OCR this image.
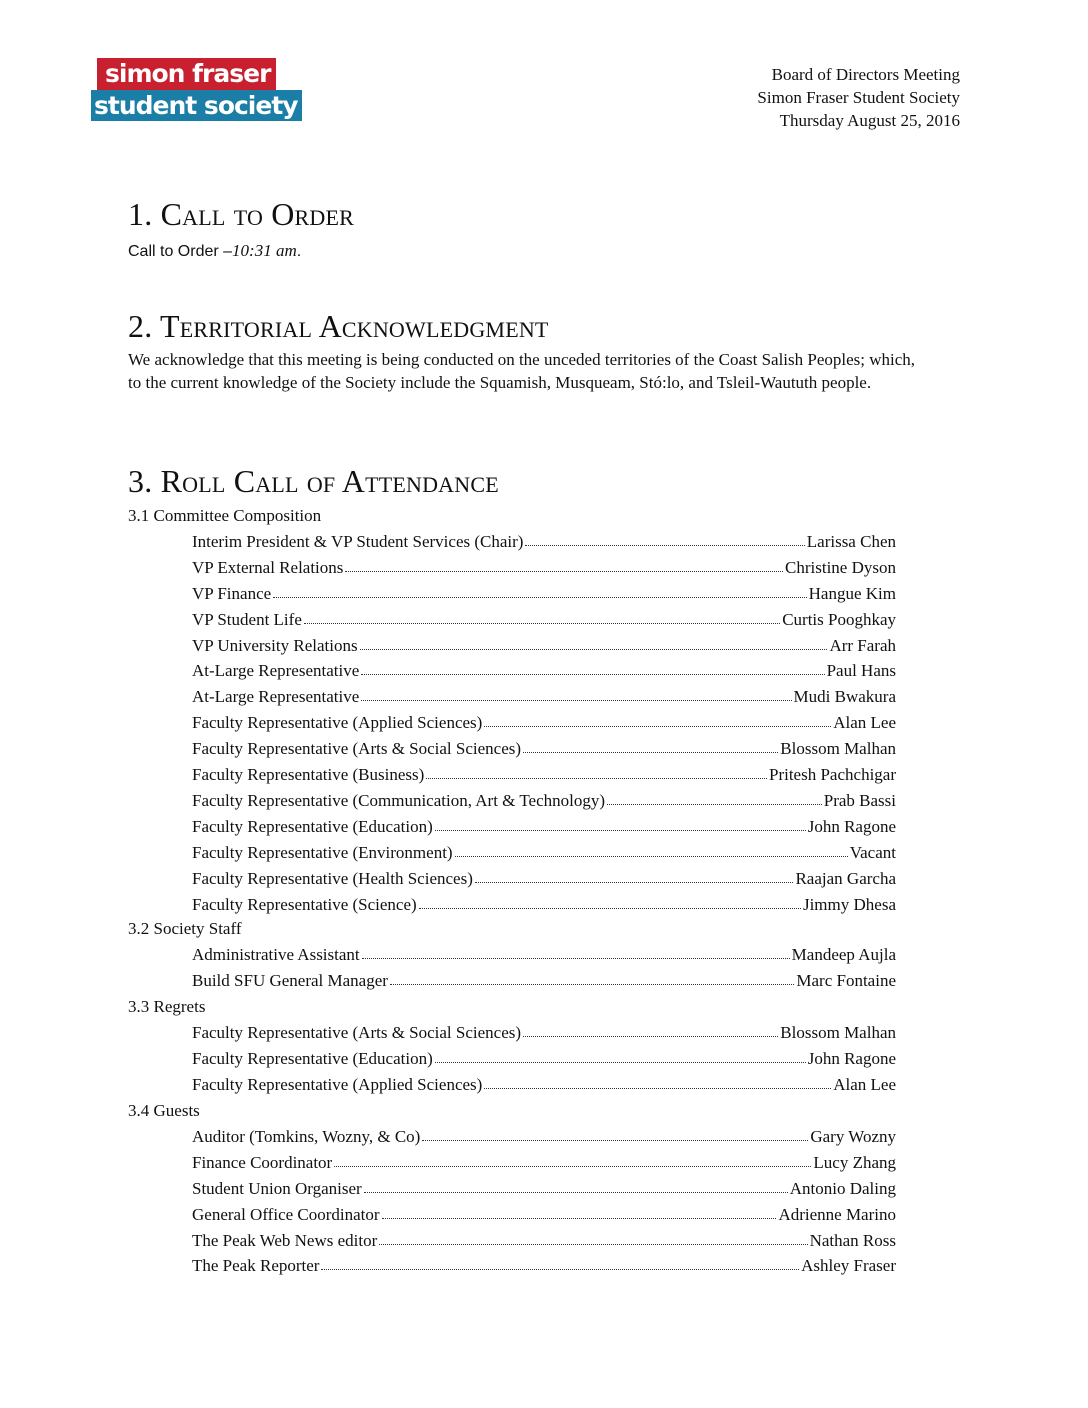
simon fraser
student society
Board of Directors Meeting
Simon Fraser Student Society
Thursday August 25, 2016
1. Call to Order
Call to Order –10:31 am.
2. Territorial Acknowledgment
We acknowledge that this meeting is being conducted on the unceded territories of the Coast Salish Peoples; which, to the current knowledge of the Society include the Squamish, Musqueam, Stó:lo, and Tsleil-Waututh people.
3. Roll Call of Attendance
3.1 Committee Composition
Interim President & VP Student Services (Chair)	Larissa Chen
VP External Relations	Christine Dyson
VP Finance	Hangue Kim
VP Student Life	Curtis Pooghkay
VP University Relations	Arr Farah
At-Large Representative	Paul Hans
At-Large Representative	Mudi Bwakura
Faculty Representative (Applied Sciences)	Alan Lee
Faculty Representative (Arts & Social Sciences)	Blossom Malhan
Faculty Representative (Business)	Pritesh Pachchigar
Faculty Representative (Communication, Art & Technology)	Prab Bassi
Faculty Representative (Education)	John Ragone
Faculty Representative (Environment)	Vacant
Faculty Representative (Health Sciences)	Raajan Garcha
Faculty Representative (Science)	Jimmy Dhesa
3.2 Society Staff
Administrative Assistant	Mandeep Aujla
Build SFU General Manager	Marc Fontaine
3.3 Regrets
Faculty Representative (Arts & Social Sciences)	Blossom Malhan
Faculty Representative (Education)	John Ragone
Faculty Representative (Applied Sciences)	Alan Lee
3.4 Guests
Auditor (Tomkins, Wozny, & Co)	Gary Wozny
Finance Coordinator	Lucy Zhang
Student Union Organiser	Antonio Daling
General Office Coordinator	Adrienne Marino
The Peak Web News editor	Nathan Ross
The Peak Reporter	Ashley Fraser
